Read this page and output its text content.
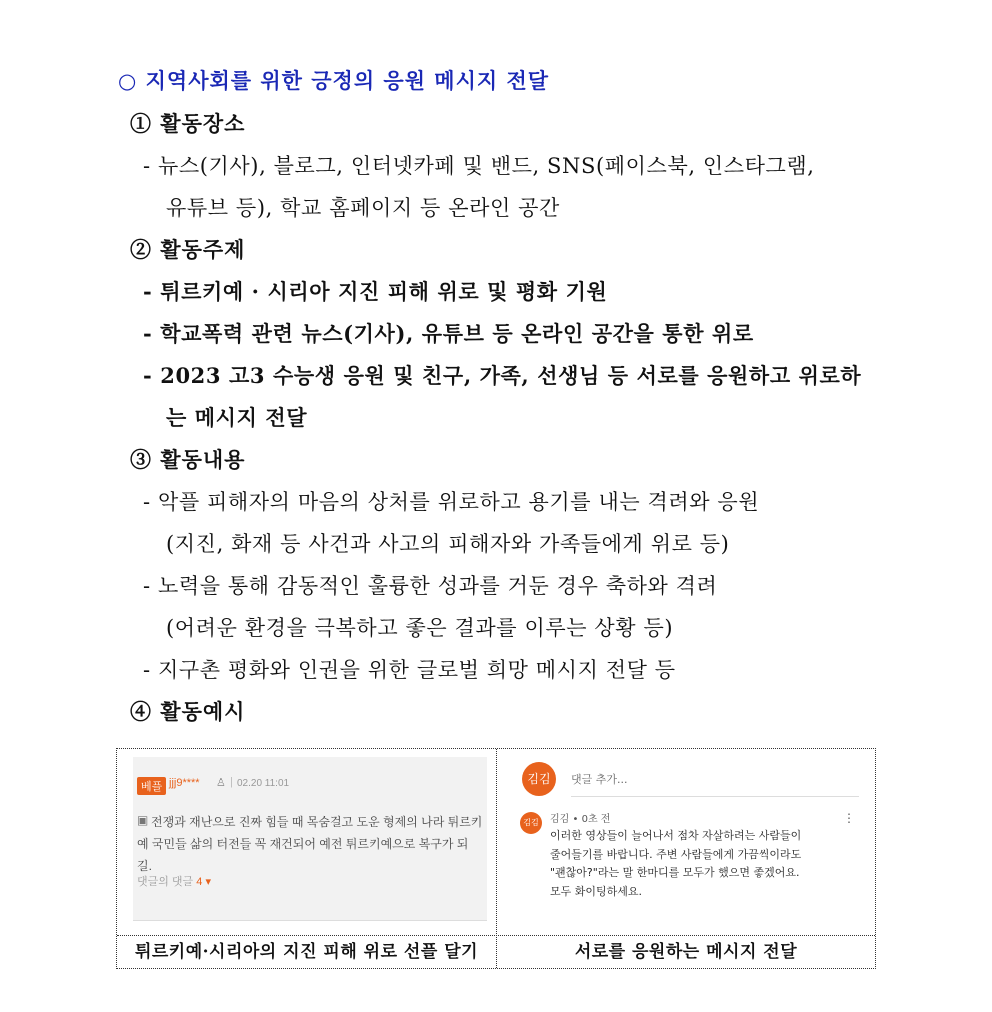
○ 지역사회를 위한 긍정의 응원 메시지 전달
① 활동장소
- 뉴스(기사), 블로그, 인터넷카페 및 밴드, SNS(페이스북, 인스타그램,
유튜브 등), 학교 홈페이지 등 온라인 공간
② 활동주제
- 튀르키예 · 시리아 지진 피해 위로 및 평화 기원
- 학교폭력 관련 뉴스(기사), 유튜브 등 온라인 공간을 통한 위로
- 2023 고3 수능생 응원 및 친구, 가족, 선생님 등 서로를 응원하고 위로하
는 메시지 전달
③ 활동내용
- 악플 피해자의 마음의 상처를 위로하고 용기를 내는 격려와 응원
(지진, 화재 등 사건과 사고의 피해자와 가족들에게 위로 등)
- 노력을 통해 감동적인 훌륭한 성과를 거둔 경우 축하와 격려
(어려운 환경을 극복하고 좋은 결과를 이루는 상황 등)
- 지구촌 평화와 인권을 위한 글로벌 희망 메시지 전달 등
④ 활동예시
베플 jjj9**** ♙ | 02.20 11:01
▣ 전쟁과 재난으로 진짜 힘들 때 목숨걸고 도운 형제의 나라 튀르키예 국민들 삶의 터전들 꼭 재건되어 예전 튀르키예으로 복구가 되길.
댓글의 댓글 4 ▾
김김	댓글 추가...
김김	김김 • 0초 전	⋮
이러한 영상들이 늘어나서 점차 자살하려는 사람들이
줄어들기를 바랍니다. 주변 사람들에게 가끔씩이라도
"괜찮아?"라는 말 한마디를 모두가 했으면 좋겠어요.
모두 화이팅하세요.
튀르키예·시리아의 지진 피해 위로 선플 달기	서로를 응원하는 메시지 전달
